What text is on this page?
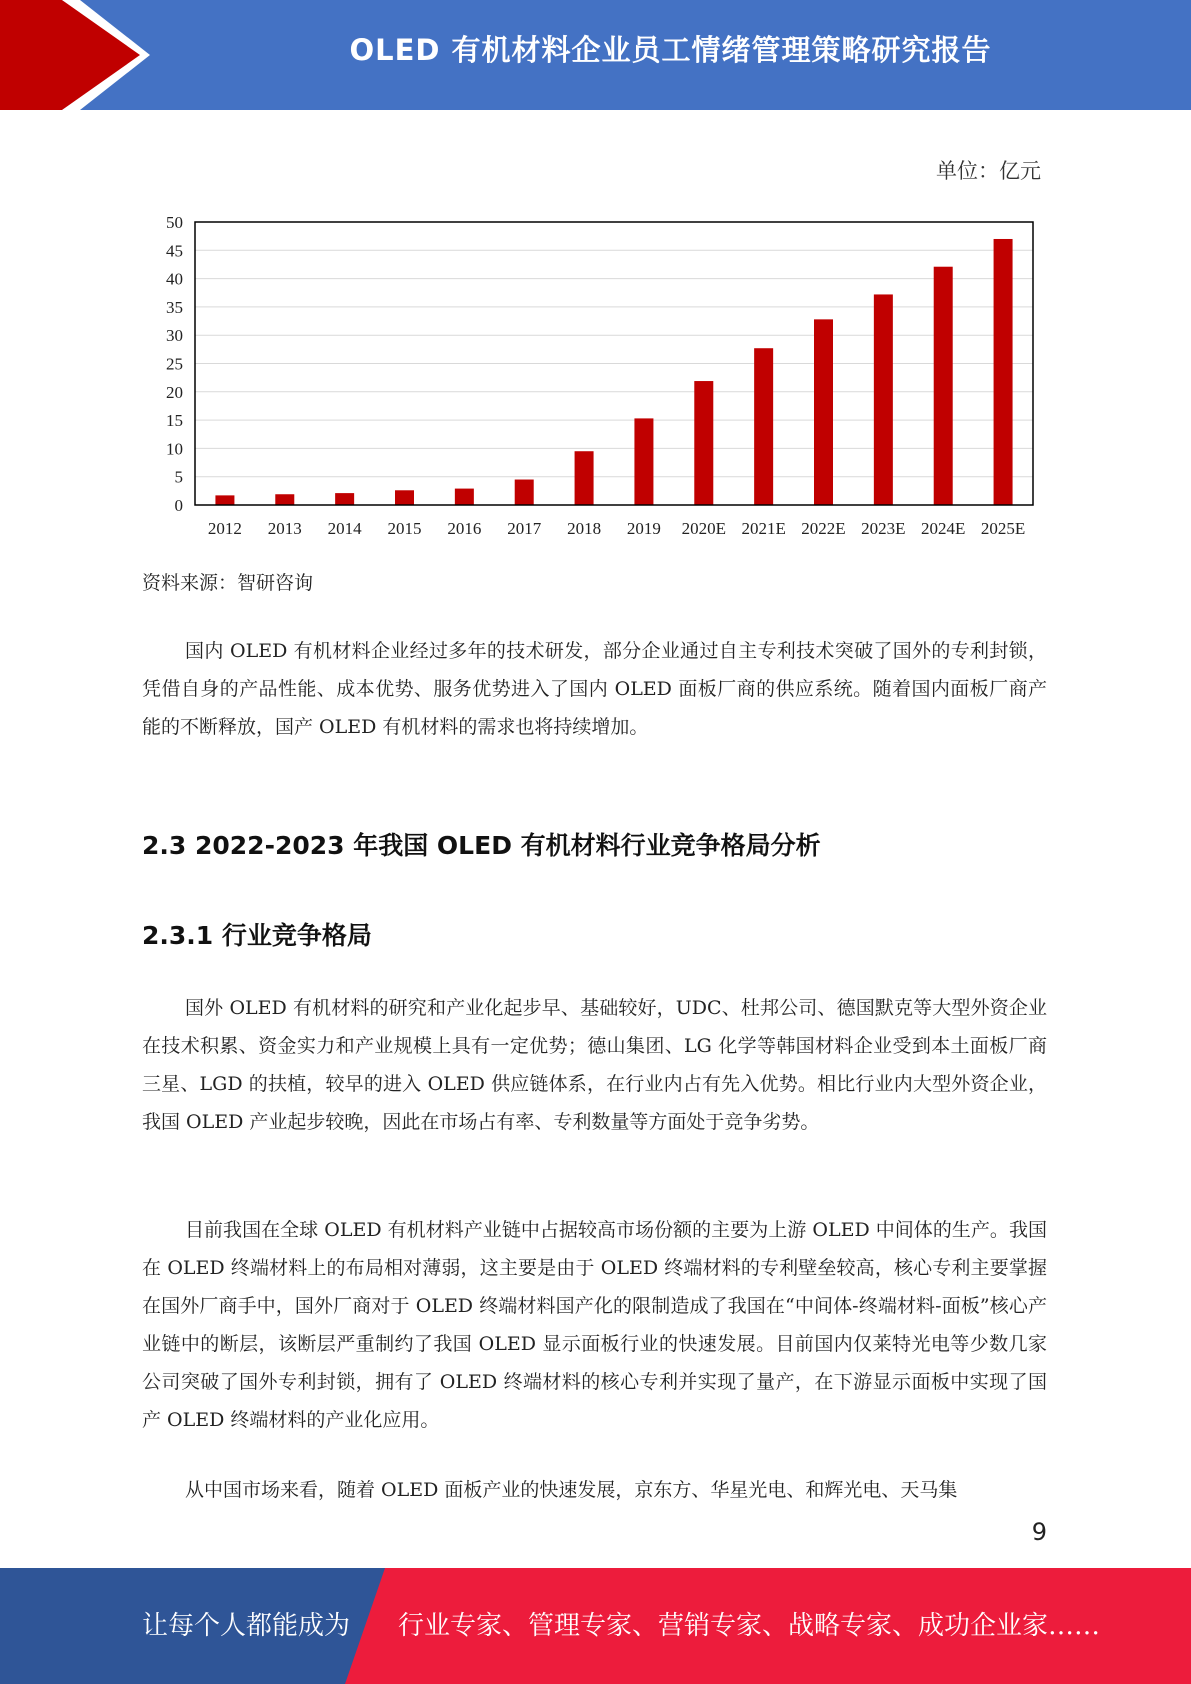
OLED 有机材料企业员工情绪管理策略研究报告
单位：亿元
0
5
10
15
20
25
30
35
40
45
50
2012 2013 2014 2015 2016 2017 2018 2019 2020E 2021E 2022E 2023E 2024E 2025E
资料来源：智研咨询

国内 OLED 有机材料企业经过多年的技术研发，部分企业通过自主专利技术突破了国外的专利封锁，凭借自身的产品性能、成本优势、服务优势进入了国内 OLED 面板厂商的供应系统。随着国内面板厂商产能的不断释放，国产 OLED 有机材料的需求也将持续增加。

2.3 2022-2023 年我国 OLED 有机材料行业竞争格局分析
2.3.1 行业竞争格局

国外 OLED 有机材料的研究和产业化起步早、基础较好，UDC、杜邦公司、德国默克等大型外资企业在技术积累、资金实力和产业规模上具有一定优势；德山集团、LG 化学等韩国材料企业受到本土面板厂商三星、LGD 的扶植，较早的进入 OLED 供应链体系，在行业内占有先入优势。相比行业内大型外资企业，我国 OLED 产业起步较晚，因此在市场占有率、专利数量等方面处于竞争劣势。

目前我国在全球 OLED 有机材料产业链中占据较高市场份额的主要为上游 OLED 中间体的生产。我国在 OLED 终端材料上的布局相对薄弱，这主要是由于 OLED 终端材料的专利壁垒较高，核心专利主要掌握在国外厂商手中，国外厂商对于 OLED 终端材料国产化的限制造成了我国在“中间体-终端材料-面板”核心产业链中的断层，该断层严重制约了我国 OLED 显示面板行业的快速发展。目前国内仅莱特光电等少数几家公司突破了国外专利封锁，拥有了 OLED 终端材料的核心专利并实现了量产，在下游显示面板中实现了国产 OLED 终端材料的产业化应用。

从中国市场来看，随着 OLED 面板产业的快速发展，京东方、华星光电、和辉光电、天马集

9
让每个人都能成为 行业专家、管理专家、营销专家、战略专家、成功企业家……
